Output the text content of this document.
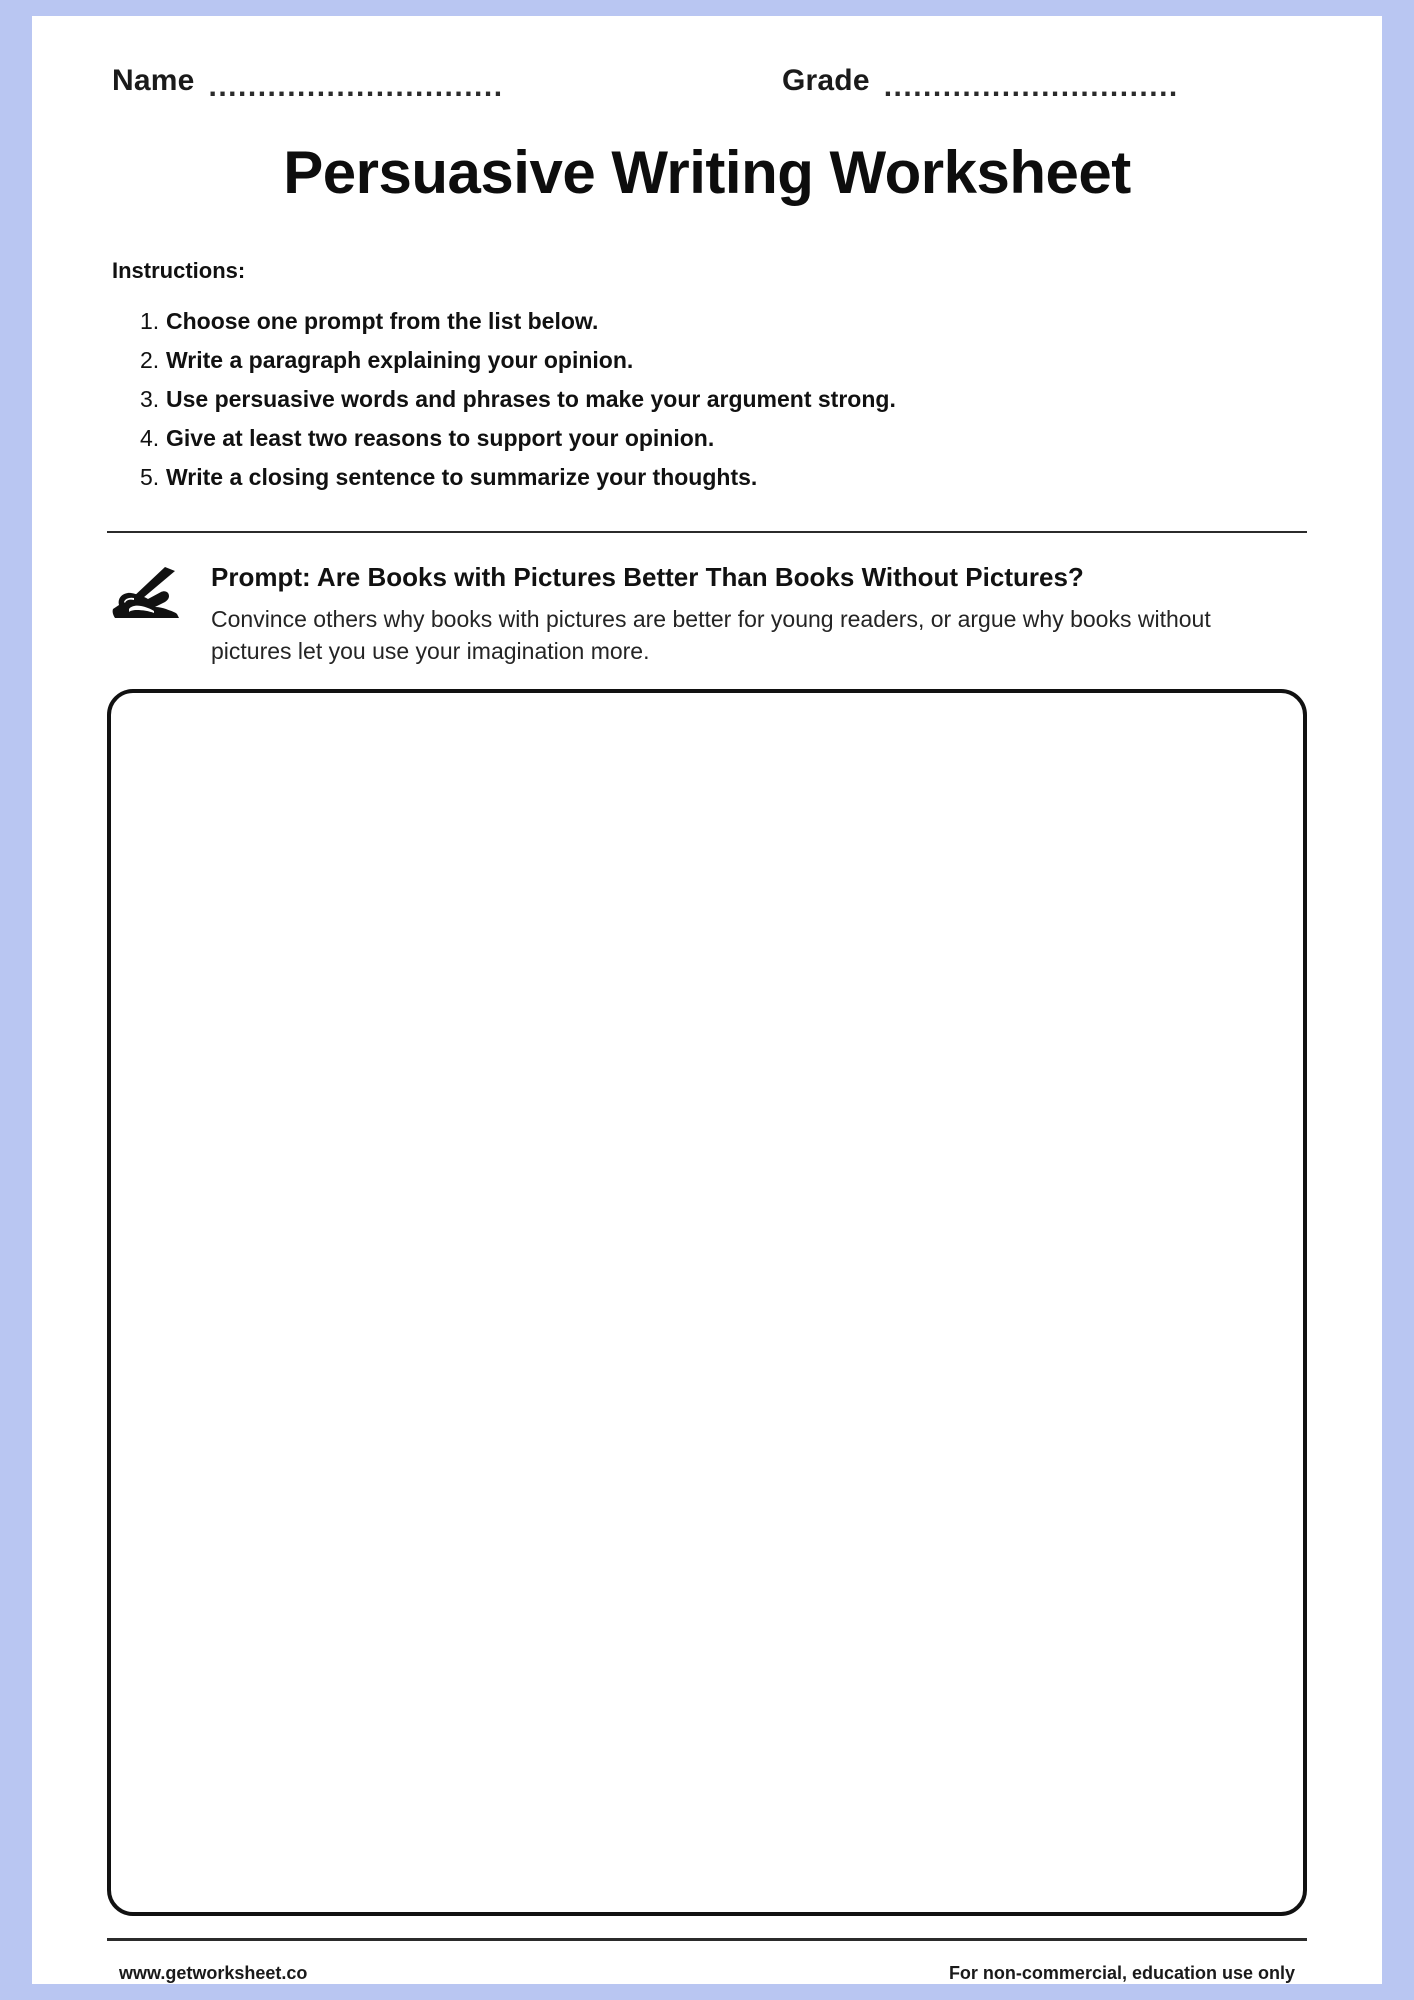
Name ..............................	Grade ..............................
Persuasive Writing Worksheet
Instructions:
Choose one prompt from the list below.
Write a paragraph explaining your opinion.
Use persuasive words and phrases to make your argument strong.
Give at least two reasons to support your opinion.
Write a closing sentence to summarize your thoughts.
Prompt: Are Books with Pictures Better Than Books Without Pictures?
Convince others why books with pictures are better for young readers, or argue why books without pictures let you use your imagination more.
www.getworksheet.co	For non-commercial, education use only
